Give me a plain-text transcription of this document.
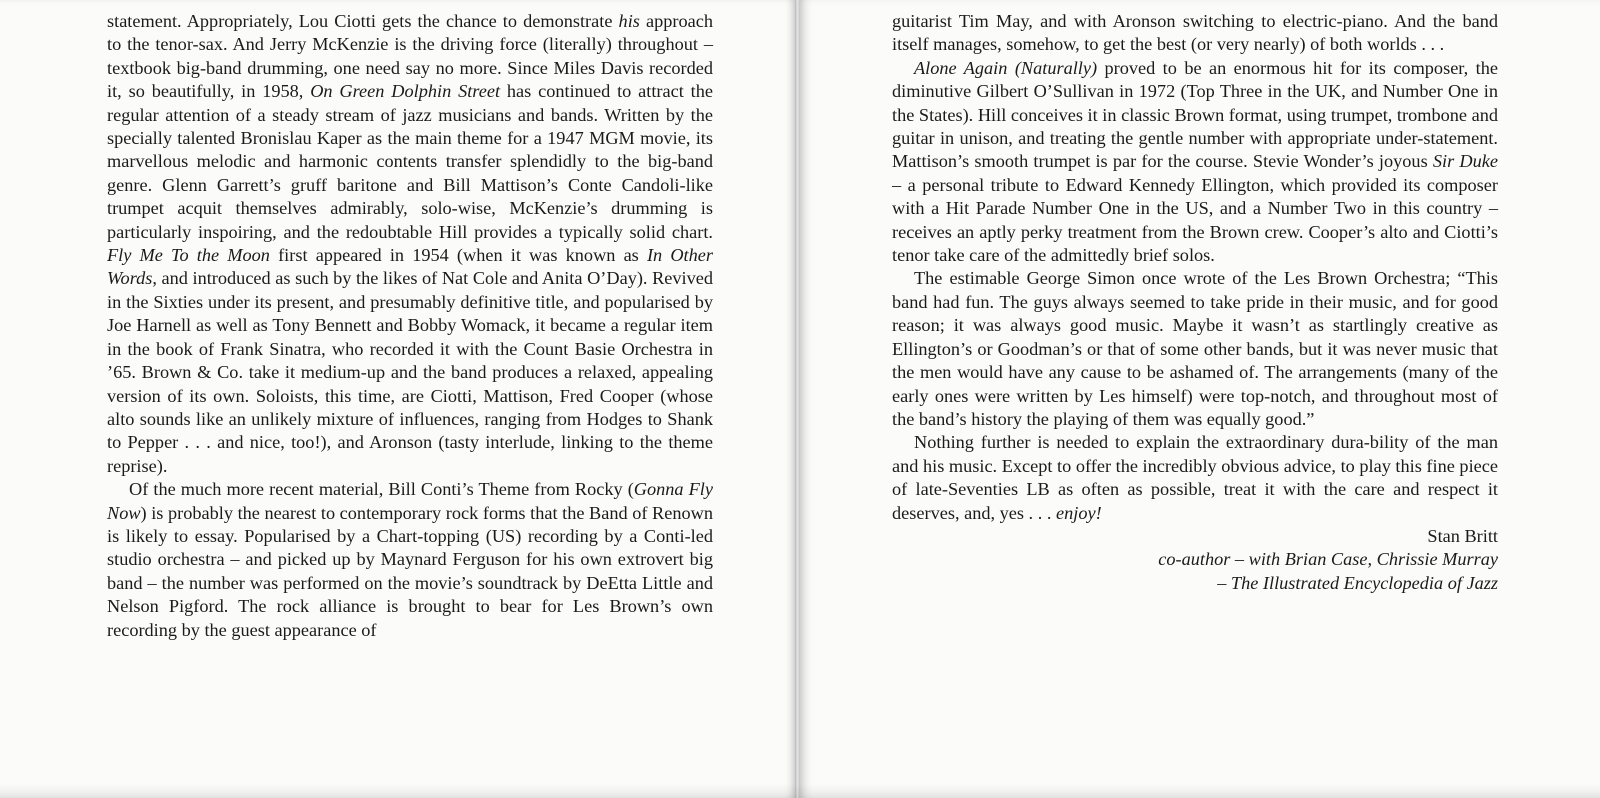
statement. Appropriately, Lou Ciotti gets the chance to demonstrate his approach to the tenor-sax. And Jerry McKenzie is the driving force (literally) throughout – textbook big-band drumming, one need say no more. Since Miles Davis recorded it, so beautifully, in 1958, On Green Dolphin Street has continued to attract the regular attention of a steady stream of jazz musicians and bands. Written by the specially talented Bronislau Kaper as the main theme for a 1947 MGM movie, its marvellous melodic and harmonic contents transfer splendidly to the big-band genre. Glenn Garrett’s gruff baritone and Bill Mattison’s Conte Candoli-like trumpet acquit themselves admirably, solo-wise, McKenzie’s drumming is particularly inspoiring, and the redoubtable Hill provides a typically solid chart. Fly Me To the Moon first appeared in 1954 (when it was known as In Other Words, and introduced as such by the likes of Nat Cole and Anita O’Day). Revived in the Sixties under its present, and presumably definitive title, and popularised by Joe Harnell as well as Tony Bennett and Bobby Womack, it became a regular item in the book of Frank Sinatra, who recorded it with the Count Basie Orchestra in ’65. Brown & Co. take it medium-up and the band produces a relaxed, appealing version of its own. Soloists, this time, are Ciotti, Mattison, Fred Cooper (whose alto sounds like an unlikely mixture of influences, ranging from Hodges to Shank to Pepper . . . and nice, too!), and Aronson (tasty interlude, linking to the theme reprise).

Of the much more recent material, Bill Conti’s Theme from Rocky (Gonna Fly Now) is probably the nearest to contemporary rock forms that the Band of Renown is likely to essay. Popularised by a Chart-topping (US) recording by a Conti-led studio orchestra – and picked up by Maynard Ferguson for his own extrovert big band – the number was performed on the movie’s soundtrack by DeEtta Little and Nelson Pigford. The rock alliance is brought to bear for Les Brown’s own recording by the guest appearance of

guitarist Tim May, and with Aronson switching to electric-piano. And the band itself manages, somehow, to get the best (or very nearly) of both worlds . . .

Alone Again (Naturally) proved to be an enormous hit for its composer, the diminutive Gilbert O’Sullivan in 1972 (Top Three in the UK, and Number One in the States). Hill conceives it in classic Brown format, using trumpet, trombone and guitar in unison, and treating the gentle number with appropriate under-statement. Mattison’s smooth trumpet is par for the course. Stevie Wonder’s joyous Sir Duke – a personal tribute to Edward Kennedy Ellington, which provided its composer with a Hit Parade Number One in the US, and a Number Two in this country – receives an aptly perky treatment from the Brown crew. Cooper’s alto and Ciotti’s tenor take care of the admittedly brief solos.

The estimable George Simon once wrote of the Les Brown Orchestra; “This band had fun. The guys always seemed to take pride in their music, and for good reason; it was always good music. Maybe it wasn’t as startlingly creative as Ellington’s or Goodman’s or that of some other bands, but it was never music that the men would have any cause to be ashamed of. The arrangements (many of the early ones were written by Les himself) were top-notch, and throughout most of the band’s history the playing of them was equally good.”

Nothing further is needed to explain the extraordinary dura-bility of the man and his music. Except to offer the incredibly obvious advice, to play this fine piece of late-Seventies LB as often as possible, treat it with the care and respect it deserves, and, yes . . . enjoy!

Stan Britt

co-author – with Brian Case, Chrissie Murray

– The Illustrated Encyclopedia of Jazz
